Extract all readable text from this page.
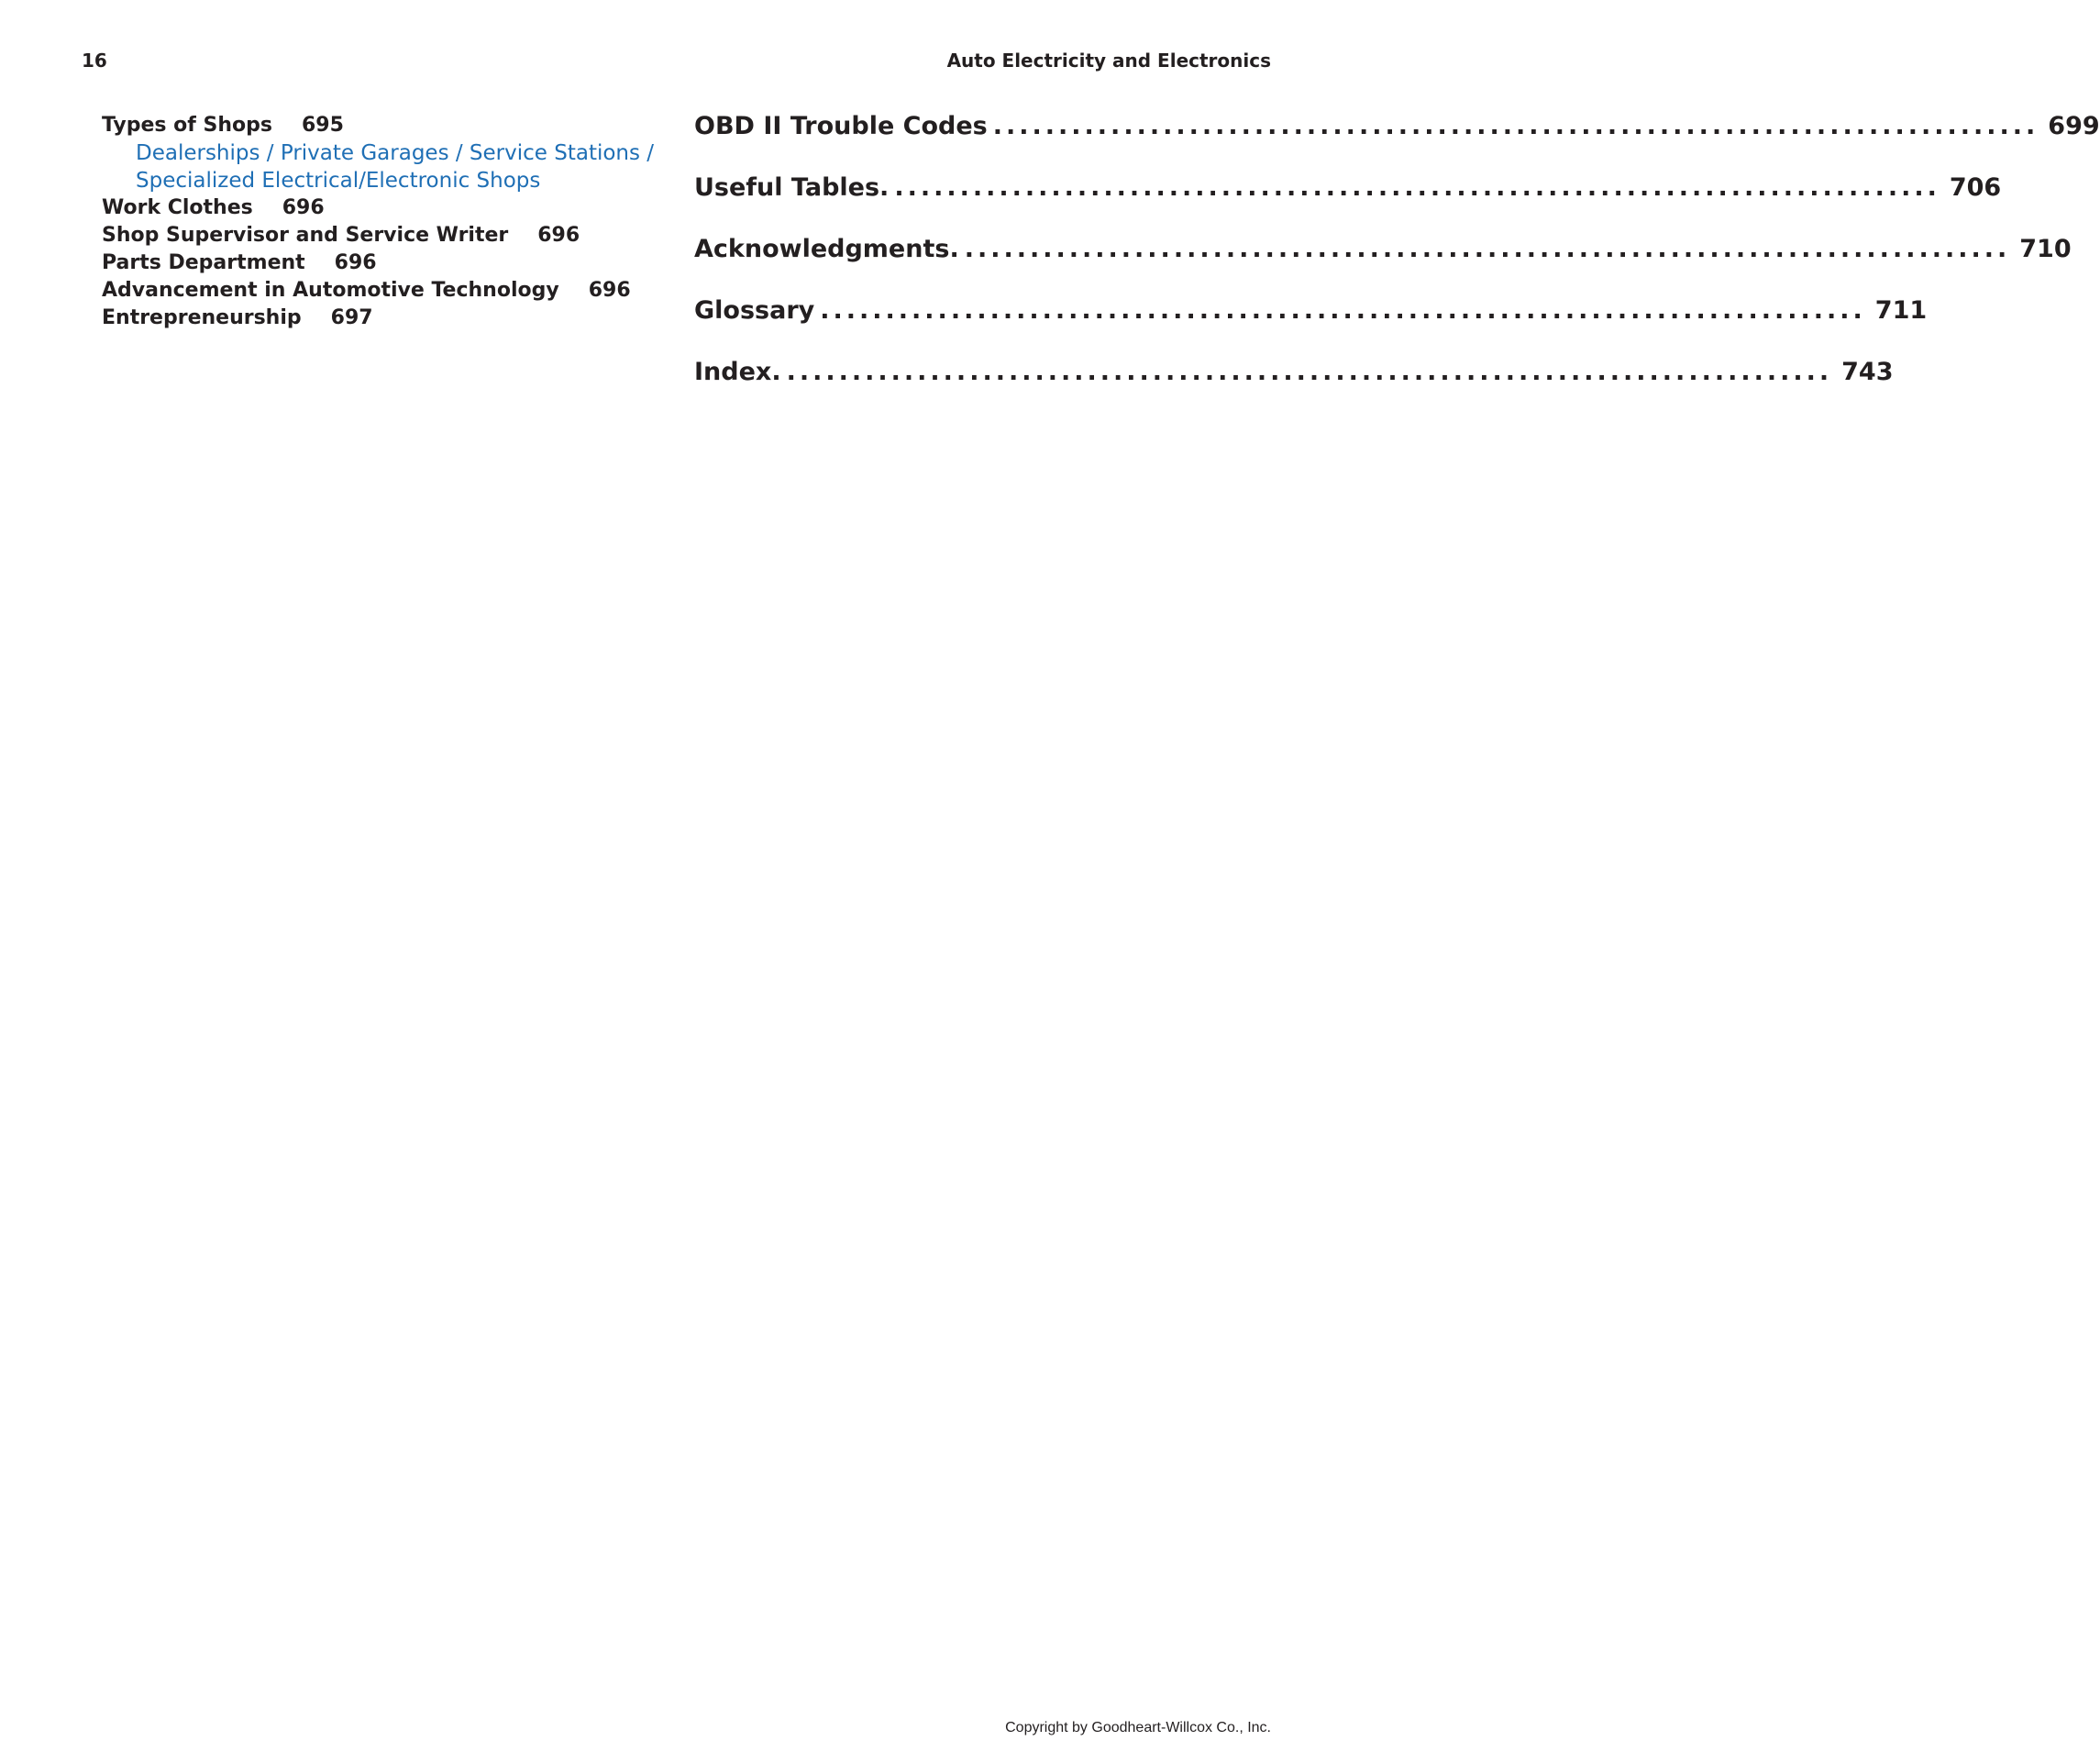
16	Auto Electricity and Electronics

Types of Shops 695

Dealerships / Private Garages / Service Stations /

Specialized Electrical/Electronic Shops

Work Clothes 696

Shop Supervisor and Service Writer 696

Parts Department 696

Advancement in Automotive Technology 696

Entrepreneurship 697

OBD II Trouble Codes ................................................................................ 699
Useful Tables. ................................................................................ 706
Acknowledgments. ................................................................................ 710
Glossary ................................................................................ 711
Index. ................................................................................ 743
Copyright by Goodheart-Willcox Co., Inc.
